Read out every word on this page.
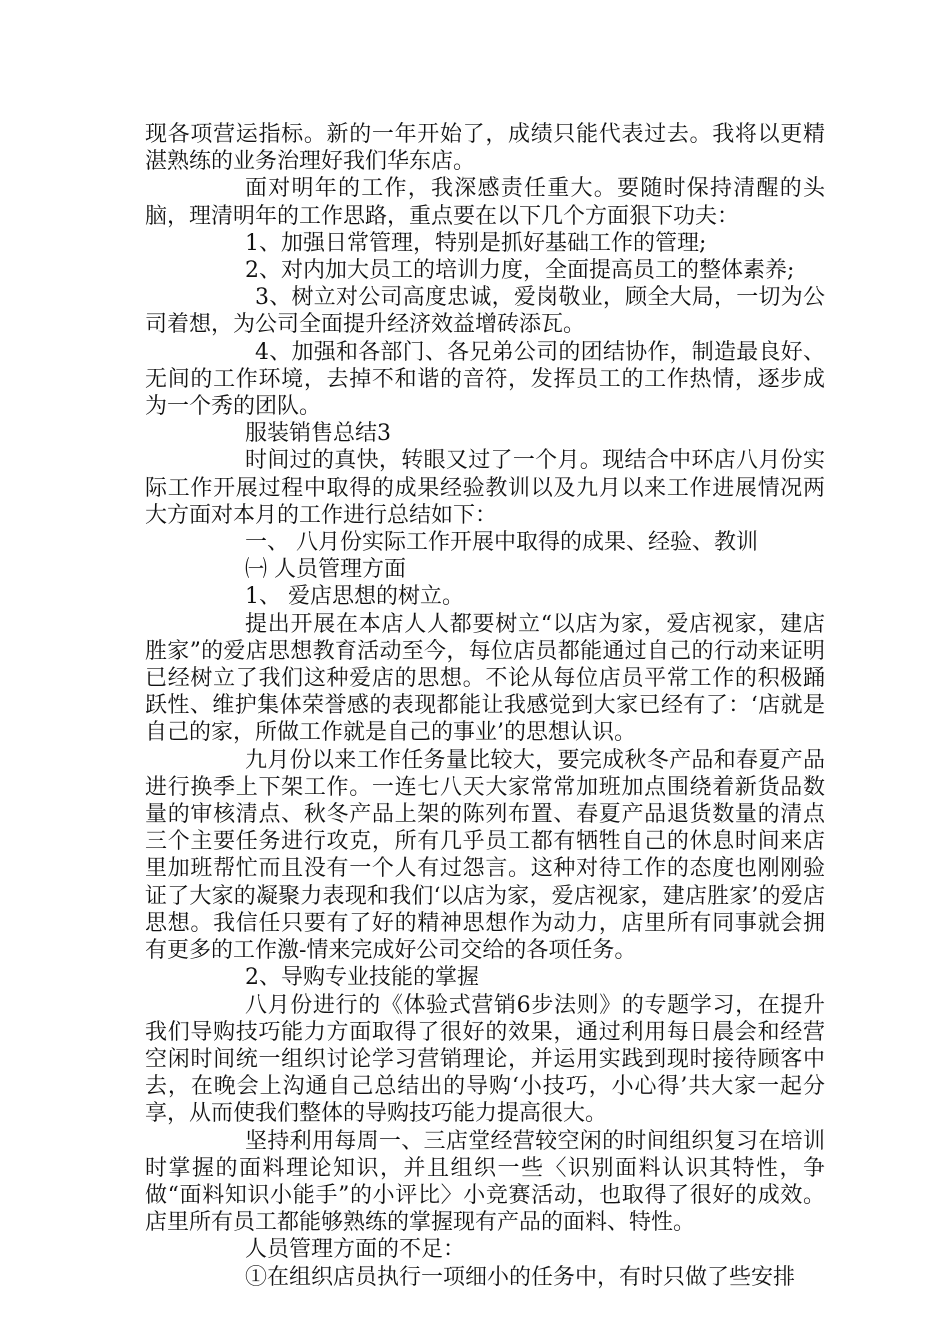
现各项营运指标。新的一年开始了，成绩只能代表过去。我将以更精湛熟练的业务治理好我们华东店。

面对明年的工作，我深感责任重大。要随时保持清醒的头脑，理清明年的工作思路，重点要在以下几个方面狠下功夫：

1、加强日常管理，特别是抓好基础工作的管理;

2、对内加大员工的培训力度，全面提高员工的整体素养;

3、树立对公司高度忠诚，爱岗敬业，顾全大局，一切为公司着想，为公司全面提升经济效益增砖添瓦。

4、加强和各部门、各兄弟公司的团结协作，制造最良好、无间的工作环境，去掉不和谐的音符，发挥员工的工作热情，逐步成为一个秀的团队。

服装销售总结3

时间过的真快，转眼又过了一个月。现结合中环店八月份实际工作开展过程中取得的成果经验教训以及九月以来工作进展情况两大方面对本月的工作进行总结如下：

一、 八月份实际工作开展中取得的成果、经验、教训

㈠ 人员管理方面

1、 爱店思想的树立。

提出开展在本店人人都要树立“以店为家，爱店视家，建店胜家”的爱店思想教育活动至今，每位店员都能通过自己的行动来证明已经树立了我们这种爱店的思想。不论从每位店员平常工作的积极踊跃性、维护集体荣誉感的表现都能让我感觉到大家已经有了：‘店就是自己的家，所做工作就是自己的事业’的思想认识。

九月份以来工作任务量比较大，要完成秋冬产品和春夏产品进行换季上下架工作。一连七八天大家常常加班加点围绕着新货品数量的审核清点、秋冬产品上架的陈列布置、春夏产品退货数量的清点三个主要任务进行攻克，所有几乎员工都有牺牲自己的休息时间来店里加班帮忙而且没有一个人有过怨言。这种对待工作的态度也刚刚验证了大家的凝聚力表现和我们‘以店为家，爱店视家，建店胜家’的爱店思想。我信任只要有了好的精神思想作为动力，店里所有同事就会拥有更多的工作激-情来完成好公司交给的各项任务。

2、导购专业技能的掌握

八月份进行的《体验式营销6步法则》的专题学习，在提升我们导购技巧能力方面取得了很好的效果，通过利用每日晨会和经营空闲时间统一组织讨论学习营销理论，并运用实践到现时接待顾客中去，在晚会上沟通自己总结出的导购‘小技巧，小心得’共大家一起分享，从而使我们整体的导购技巧能力提高很大。

坚持利用每周一、三店堂经营较空闲的时间组织复习在培训时掌握的面料理论知识，并且组织一些〈识别面料认识其特性，争做“面料知识小能手”的小评比〉小竞赛活动，也取得了很好的成效。店里所有员工都能够熟练的掌握现有产品的面料、特性。

人员管理方面的不足：

①在组织店员执行一项细小的任务中，有时只做了些安排
